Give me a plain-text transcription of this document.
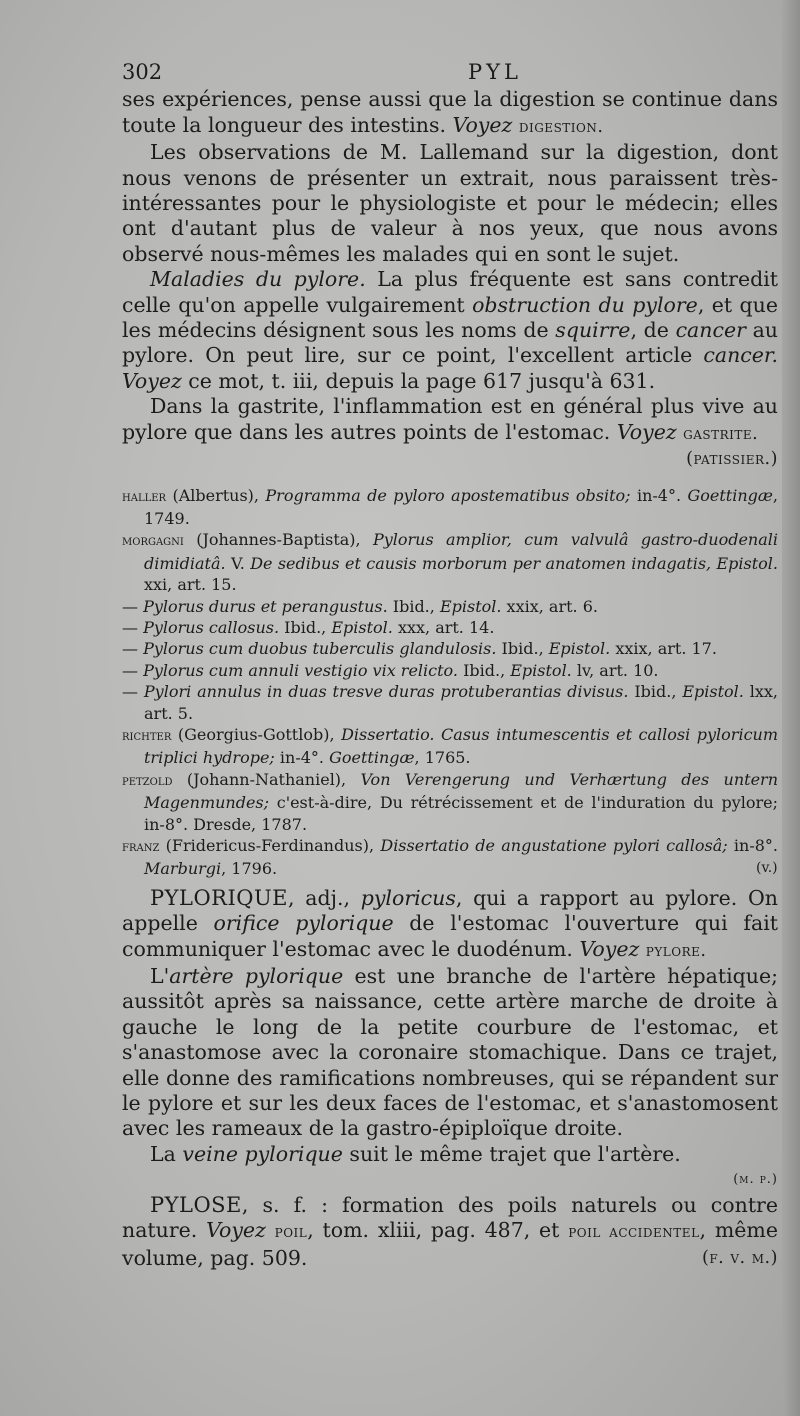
302	PYL

ses expériences, pense aussi que la digestion se continue dans toute la longueur des intestins. Voyez digestion.

Les observations de M. Lallemand sur la digestion, dont nous venons de présenter un extrait, nous paraissent très-intéressantes pour le physiologiste et pour le médecin; elles ont d'autant plus de valeur à nos yeux, que nous avons observé nous-mêmes les malades qui en sont le sujet.

Maladies du pylore. La plus fréquente est sans contredit celle qu'on appelle vulgairement obstruction du pylore, et que les médecins désignent sous les noms de squirre, de cancer au pylore. On peut lire, sur ce point, l'excellent article cancer. Voyez ce mot, t. iii, depuis la page 617 jusqu'à 631.

Dans la gastrite, l'inflammation est en général plus vive au pylore que dans les autres points de l'estomac. Voyez gastrite.

(patissier.)

haller (Albertus), Programma de pyloro apostematibus obsito; in-4°. Goettingæ, 1749.

morgagni (Johannes-Baptista), Pylorus amplior, cum valvulâ gastro-duodenali dimidiatâ. V. De sedibus et causis morborum per anatomen indagatis, Epistol. xxi, art. 15.

— Pylorus durus et perangustus. Ibid., Epistol. xxix, art. 6.

— Pylorus callosus. Ibid., Epistol. xxx, art. 14.

— Pylorus cum duobus tuberculis glandulosis. Ibid., Epistol. xxix, art. 17.

— Pylorus cum annuli vestigio vix relicto. Ibid., Epistol. lv, art. 10.

— Pylori annulus in duas tresve duras protuberantias divisus. Ibid., Epistol. lxx, art. 5.

richter (Georgius-Gottlob), Dissertatio. Casus intumescentis et callosi pyloricum triplici hydrope; in-4°. Goettingæ, 1765.

petzold (Johann-Nathaniel), Von Verengerung und Verhærtung des untern Magenmundes; c'est-à-dire, Du rétrécissement et de l'induration du pylore; in-8°. Dresde, 1787.

franz (Fridericus-Ferdinandus), Dissertatio de angustatione pylori callosâ; in-8°. Marburgi, 1796.	(v.)

PYLORIQUE, adj., pyloricus, qui a rapport au pylore. On appelle orifice pylorique de l'estomac l'ouverture qui fait communiquer l'estomac avec le duodénum. Voyez pylore.

L'artère pylorique est une branche de l'artère hépatique; aussitôt après sa naissance, cette artère marche de droite à gauche le long de la petite courbure de l'estomac, et s'anastomose avec la coronaire stomachique. Dans ce trajet, elle donne des ramifications nombreuses, qui se répandent sur le pylore et sur les deux faces de l'estomac, et s'anastomosent avec les rameaux de la gastro-épiploïque droite.

La veine pylorique suit le même trajet que l'artère.

(m. p.)

PYLOSE, s. f. : formation des poils naturels ou contre nature. Voyez poil, tom. xliii, pag. 487, et poil accidentel, même volume, pag. 509.	(f. v. m.)
